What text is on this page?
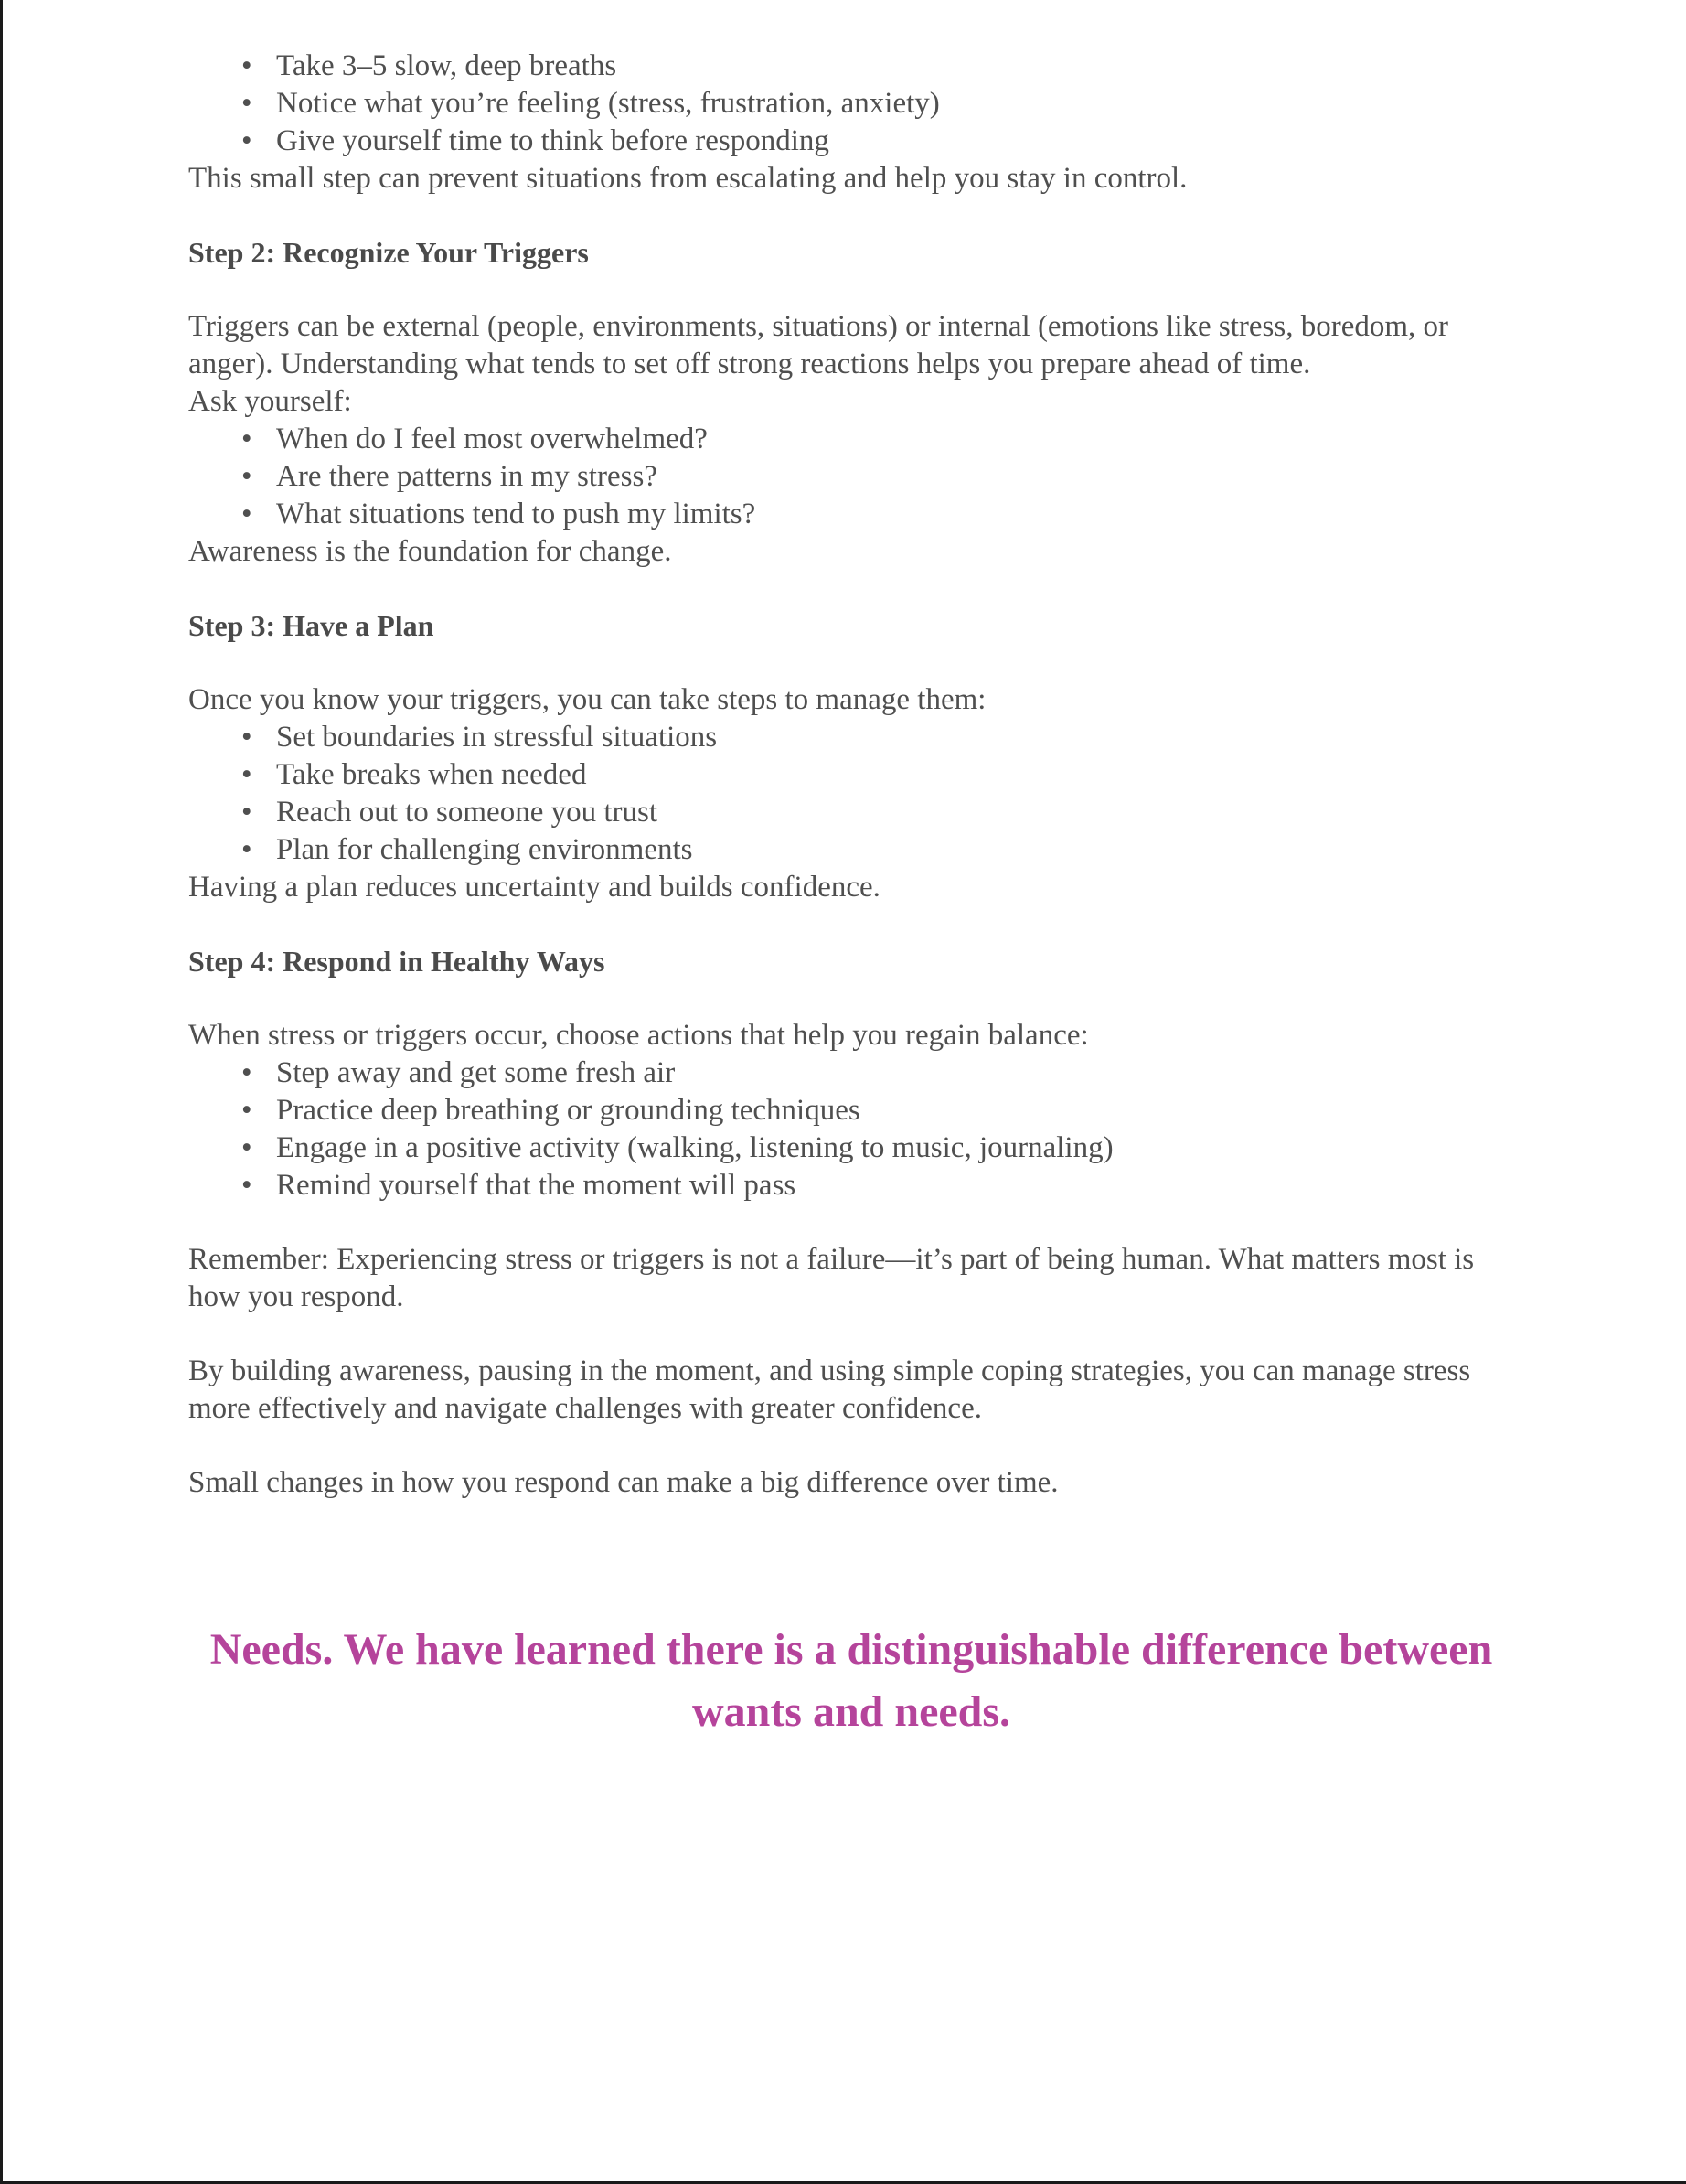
• Take 3–5 slow, deep breaths
• Notice what you’re feeling (stress, frustration, anxiety)
• Give yourself time to think before responding

This small step can prevent situations from escalating and help you stay in control.

Step 2: Recognize Your Triggers

Triggers can be external (people, environments, situations) or internal (emotions like stress, boredom, or anger). Understanding what tends to set off strong reactions helps you prepare ahead of time.

Ask yourself:

• When do I feel most overwhelmed?
• Are there patterns in my stress?
• What situations tend to push my limits?

Awareness is the foundation for change.

Step 3: Have a Plan

Once you know your triggers, you can take steps to manage them:

• Set boundaries in stressful situations
• Take breaks when needed
• Reach out to someone you trust
• Plan for challenging environments

Having a plan reduces uncertainty and builds confidence.

Step 4: Respond in Healthy Ways

When stress or triggers occur, choose actions that help you regain balance:

• Step away and get some fresh air
• Practice deep breathing or grounding techniques
• Engage in a positive activity (walking, listening to music, journaling)
• Remind yourself that the moment will pass

Remember: Experiencing stress or triggers is not a failure—it’s part of being human. What matters most is how you respond.

By building awareness, pausing in the moment, and using simple coping strategies, you can manage stress more effectively and navigate challenges with greater confidence.

Small changes in how you respond can make a big difference over time.

Needs. We have learned there is a distinguishable difference between wants and needs.
